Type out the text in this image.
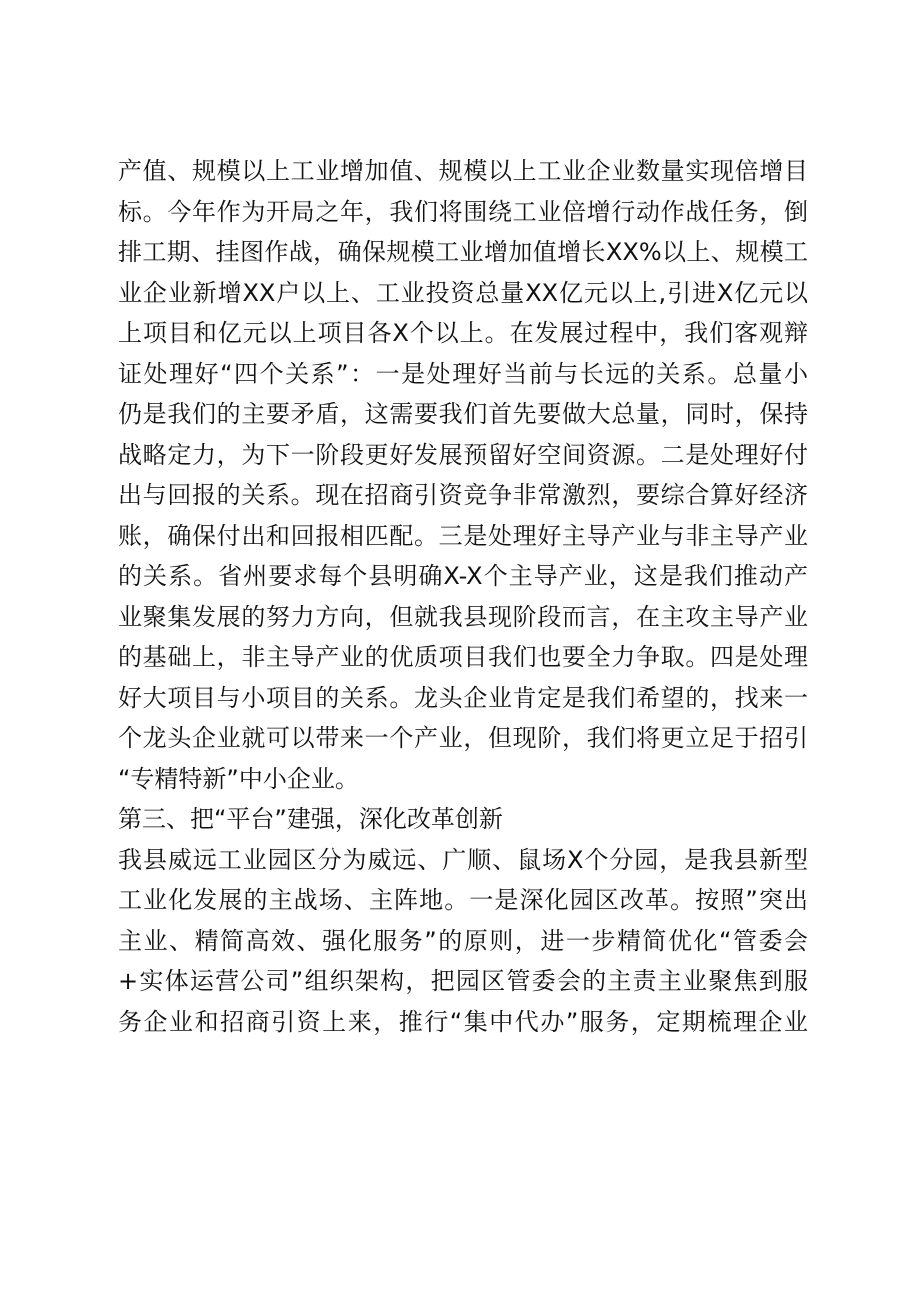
产值、规模以上工业增加值、规模以上工业企业数量实现倍增目
标。今年作为开局之年，我们将围绕工业倍增行动作战任务，倒
排工期、挂图作战，确保规模工业增加值增长XX%以上、规模工
业企业新增XX户以上、工业投资总量XX亿元以上,引进X亿元以
上项目和亿元以上项目各X个以上。在发展过程中，我们客观辩
证处理好“四个关系”：一是处理好当前与长远的关系。总量小
仍是我们的主要矛盾，这需要我们首先要做大总量，同时，保持
战略定力，为下一阶段更好发展预留好空间资源。二是处理好付
出与回报的关系。现在招商引资竞争非常激烈，要综合算好经济
账，确保付出和回报相匹配。三是处理好主导产业与非主导产业
的关系。省州要求每个县明确X-X个主导产业，这是我们推动产
业聚集发展的努力方向，但就我县现阶段而言，在主攻主导产业
的基础上，非主导产业的优质项目我们也要全力争取。四是处理
好大项目与小项目的关系。龙头企业肯定是我们希望的，找来一
个龙头企业就可以带来一个产业，但现阶，我们将更立足于招引
“专精特新”中小企业。
第三、把“平台”建强，深化改革创新
我县威远工业园区分为威远、广顺、鼠场X个分园，是我县新型
工业化发展的主战场、主阵地。一是深化园区改革。按照”突出
主业、精简高效、强化服务”的原则，进一步精简优化“管委会
+实体运营公司”组织架构，把园区管委会的主责主业聚焦到服
务企业和招商引资上来，推行“集中代办”服务，定期梳理企业
